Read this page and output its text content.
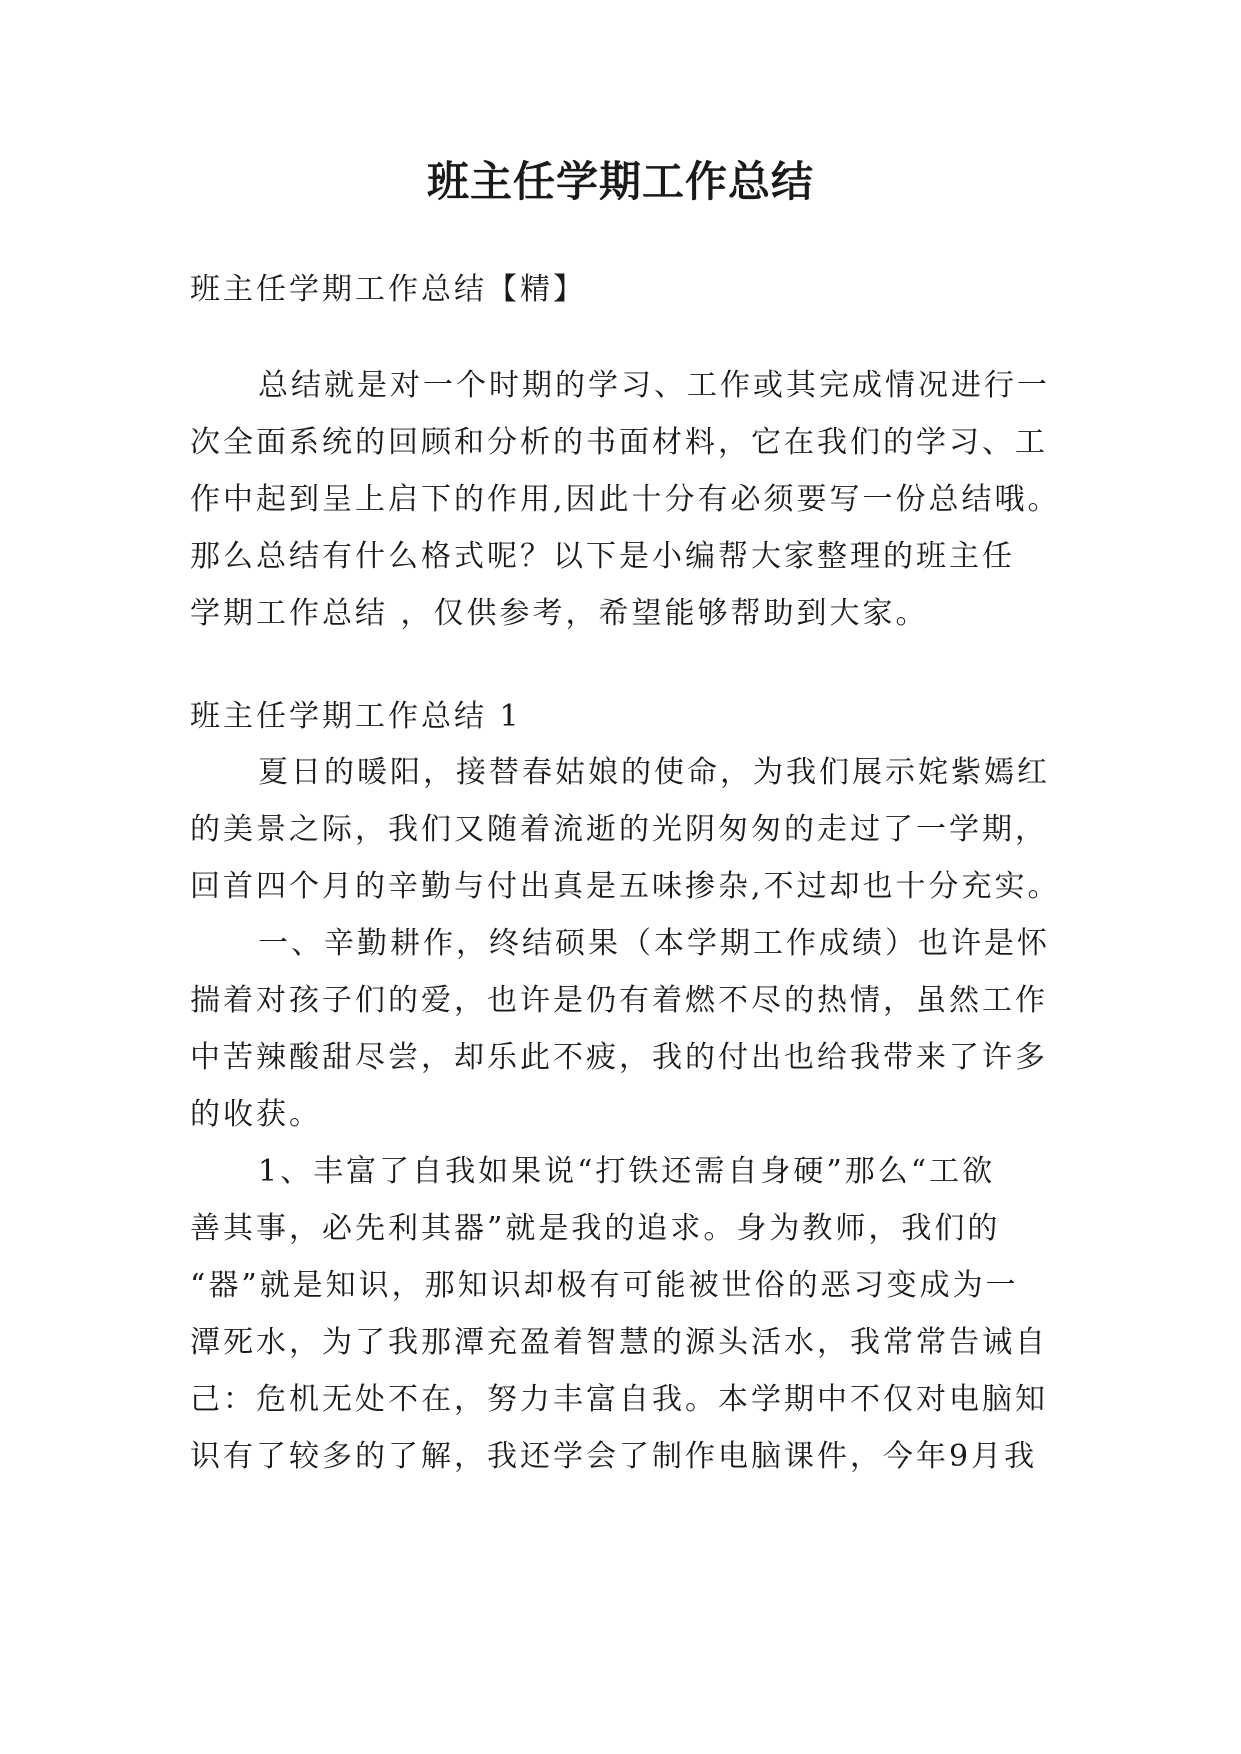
班主任学期工作总结

班主任学期工作总结【精】

总结就是对一个时期的学习、工作或其完成情况进行一

次全面系统的回顾和分析的书面材料，它在我们的学习、工

作中起到呈上启下的作用,因此十分有必须要写一份总结哦。

那么总结有什么格式呢？以下是小编帮大家整理的班主任

学期工作总结 ，仅供参考，希望能够帮助到大家。

班主任学期工作总结 1

夏日的暖阳，接替春姑娘的使命，为我们展示姹紫嫣红

的美景之际，我们又随着流逝的光阴匆匆的走过了一学期，

回首四个月的辛勤与付出真是五味掺杂,不过却也十分充实。

一、辛勤耕作，终结硕果（本学期工作成绩）也许是怀

揣着对孩子们的爱，也许是仍有着燃不尽的热情，虽然工作

中苦辣酸甜尽尝，却乐此不疲，我的付出也给我带来了许多

的收获。

1、丰富了自我如果说“打铁还需自身硬”那么“工欲

善其事，必先利其器”就是我的追求。身为教师，我们的

“器”就是知识，那知识却极有可能被世俗的恶习变成为一

潭死水，为了我那潭充盈着智慧的源头活水，我常常告诫自

己：危机无处不在，努力丰富自我。本学期中不仅对电脑知

识有了较多的了解，我还学会了制作电脑课件，今年9月我
